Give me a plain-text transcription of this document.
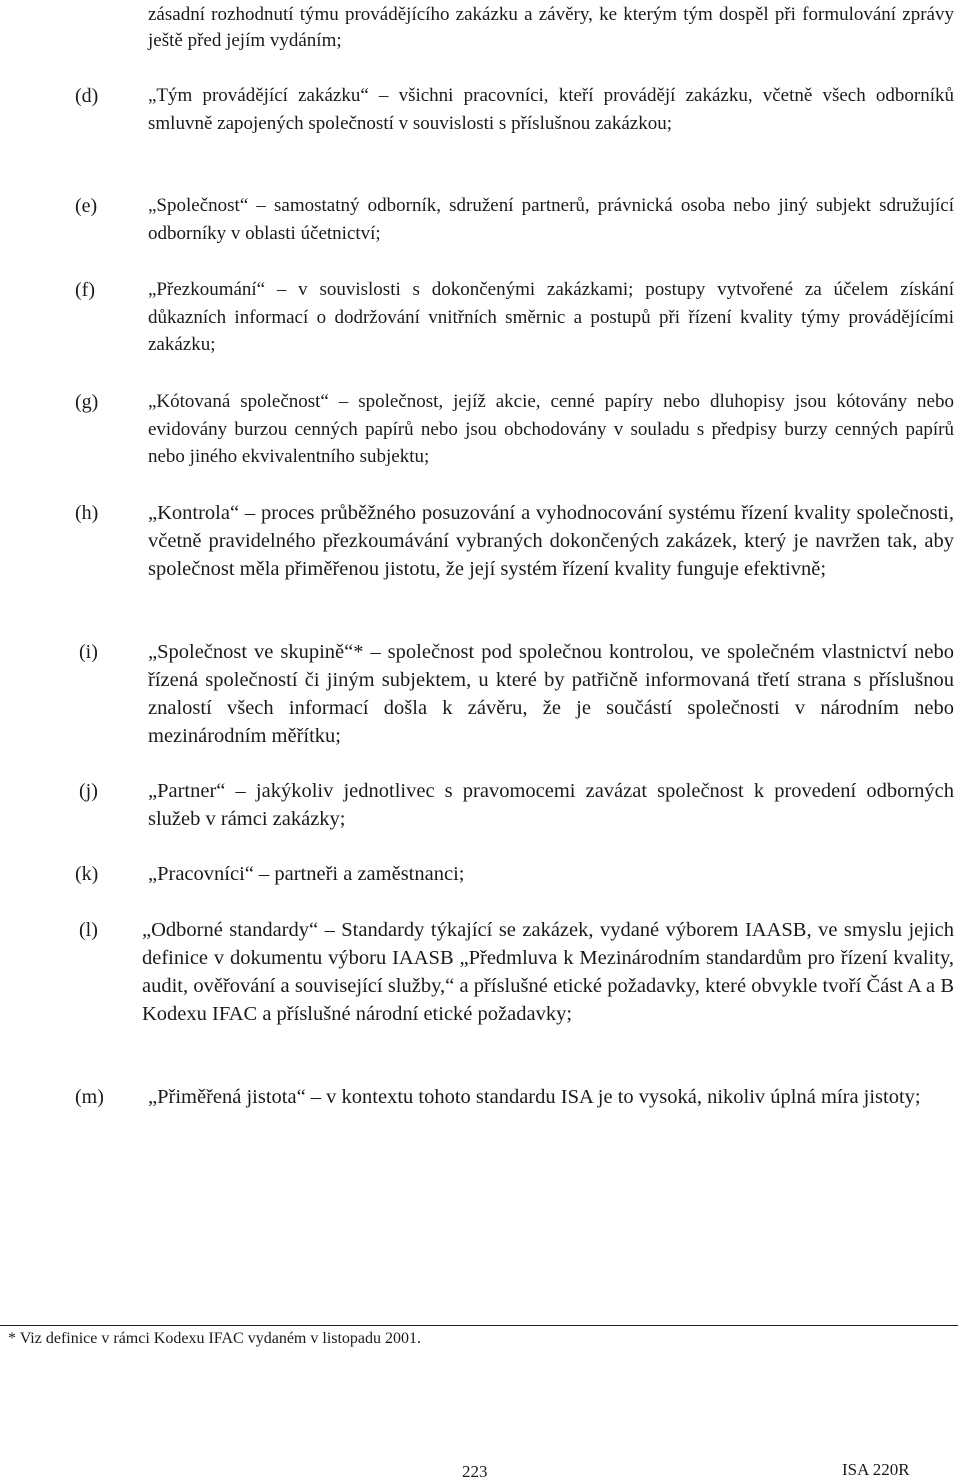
zásadní rozhodnutí týmu provádějícího zakázku a závěry, ke kterým tým dospěl při formulování zprávy ještě před jejím vydáním;

(d)	„Tým provádějící zakázku“ – všichni pracovníci, kteří provádějí zakázku, včetně všech odborníků smluvně zapojených společností v souvislosti s příslušnou zakázkou;

(e)	„Společnost“ – samostatný odborník, sdružení partnerů, právnická osoba nebo jiný subjekt sdružující odborníky v oblasti účetnictví;

(f)	„Přezkoumání“ – v souvislosti s dokončenými zakázkami; postupy vytvořené za účelem získání důkazních informací o dodržování vnitřních směrnic a postupů při řízení kvality týmy provádějícími zakázku;

(g)	„Kótovaná společnost“ – společnost, jejíž akcie, cenné papíry nebo dluhopisy jsou kótovány nebo evidovány burzou cenných papírů nebo jsou obchodovány v souladu s předpisy burzy cenných papírů nebo jiného ekvivalentního subjektu;

(h) „Kontrola“ – proces průběžného posuzování a vyhodnocování systému řízení kvality společnosti, včetně pravidelného přezkoumávání vybraných dokončených zakázek, který je navržen tak, aby společnost měla přiměřenou jistotu, že její systém řízení kvality funguje efektivně;

(i) „Společnost ve skupině“* – společnost pod společnou kontrolou, ve společném vlastnictví nebo řízená společností či jiným subjektem, u které by patřičně informovaná třetí strana s příslušnou znalostí všech informací došla k závěru, že je součástí společnosti v národním nebo mezinárodním měřítku;

(j) „Partner“ – jakýkoliv jednotlivec s pravomocemi zavázat společnost k provedení odborných služeb v rámci zakázky;

(k) „Pracovníci“ – partneři a zaměstnanci;

(l) „Odborné standardy“ – Standardy týkající se zakázek, vydané výborem IAASB, ve smyslu jejich definice v dokumentu výboru IAASB „Předmluva k Mezinárodním standardům pro řízení kvality, audit, ověřování a související služby,“ a příslušné etické požadavky, které obvykle tvoří Část A a B Kodexu IFAC a příslušné národní etické požadavky;

(m) „Přiměřená jistota“ – v kontextu tohoto standardu ISA je to vysoká, nikoliv úplná míra jistoty;

* Viz definice v rámci Kodexu IFAC vydaném v listopadu 2001.

223	ISA 220R
